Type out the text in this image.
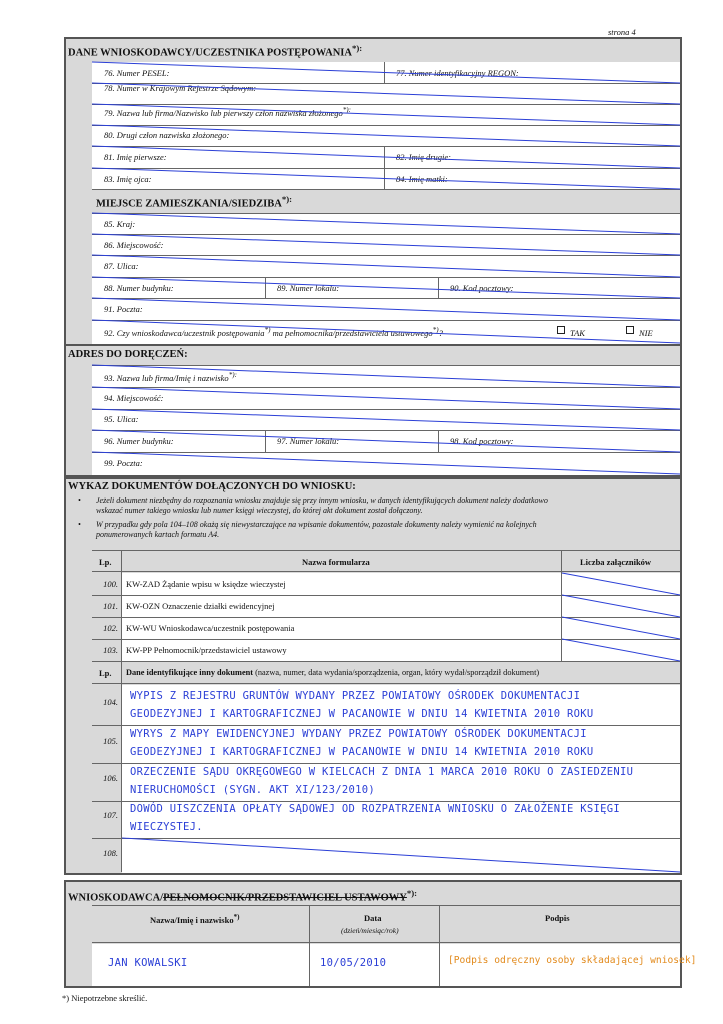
strona 4
DANE WNIOSKODAWCY/UCZESTNIKA POSTĘPOWANIA*):
76. Numer PESEL:	77. Numer identyfikacyjny REGON:
78. Numer w Krajowym Rejestrze Sądowym:
79. Nazwa lub firma/Nazwisko lub pierwszy człon nazwiska złożonego*):
80. Drugi człon nazwiska złożonego:
81. Imię pierwsze:	82. Imię drugie:
83. Imię ojca:	84. Imię matki:
MIEJSCE ZAMIESZKANIA/SIEDZIBA*):
85. Kraj:
86. Miejscowość:
87. Ulica:
88. Numer budynku:	89. Numer lokalu:	90. Kod pocztowy:
91. Poczta:
92. Czy wnioskodawca/uczestnik postępowania*) ma pełnomocnika/przedstawiciela ustawowego*)?	TAK	NIE
ADRES DO DORĘCZEŃ:
93. Nazwa lub firma/Imię i nazwisko*):
94. Miejscowość:
95. Ulica:
96. Numer budynku:	97. Numer lokalu:	98. Kod pocztowy:
99. Poczta:
WYKAZ DOKUMENTÓW DOŁĄCZONYCH DO WNIOSKU:
• Jeżeli dokument niezbędny do rozpoznania wniosku znajduje się przy innym wniosku, w danych identyfikujących dokument należy dodatkowo
wskazać numer takiego wniosku lub numer księgi wieczystej, do której akt dokument został dołączony.
• W przypadku gdy pola 104–108 okażą się niewystarczające na wpisanie dokumentów, pozostałe dokumenty należy wymienić na kolejnych
ponumerowanych kartach formatu A4.
Lp.	Nazwa formularza	Liczba załączników
100. KW-ZAD Żądanie wpisu w księdze wieczystej
101. KW-OZN Oznaczenie działki ewidencyjnej
102. KW-WU Wnioskodawca/uczestnik postępowania
103. KW-PP Pełnomocnik/przedstawiciel ustawowy
Lp. Dane identyfikujące inny dokument (nazwa, numer, data wydania/sporządzenia, organ, który wydał/sporządził dokument)
104. WYPIS Z REJESTRU GRUNTÓW WYDANY PRZEZ POWIATOWY OŚRODEK DOKUMENTACJI
GEODEZYJNEJ I KARTOGRAFICZNEJ W PACANOWIE W DNIU 14 KWIETNIA 2010 ROKU
105.
WYRYS Z MAPY EWIDENCYJNEJ WYDANY PRZEZ POWIATOWY OŚRODEK DOKUMENTACJI
GEODEZYJNEJ I KARTOGRAFICZNEJ W PACANOWIE W DNIU 14 KWIETNIA 2010 ROKU
106. ORZECZENIE SĄDU OKRĘGOWEGO W KIELCACH Z DNIA 1 MARCA 2010 ROKU O ZASIEDZENIU
NIERUCHOMOŚCI (SYGN. AKT XI/123/2010)
107. DOWÓD UISZCZENIA OPŁATY SĄDOWEJ OD ROZPATRZENIA WNIOSKU O ZAŁOŻENIE KSIĘGI
WIECZYSTEJ.
108.
WNIOSKODAWCA/PEŁNOMOCNIK/PRZEDSTAWICIEL USTAWOWY*):
Nazwa/Imię i nazwisko*)	Data
(dzień/miesiąc/rok)
Podpis
JAN KOWALSKI	10/05/2010	[Podpis odręczny osoby składającej wniosek]
*) Niepotrzebne skreślić.
